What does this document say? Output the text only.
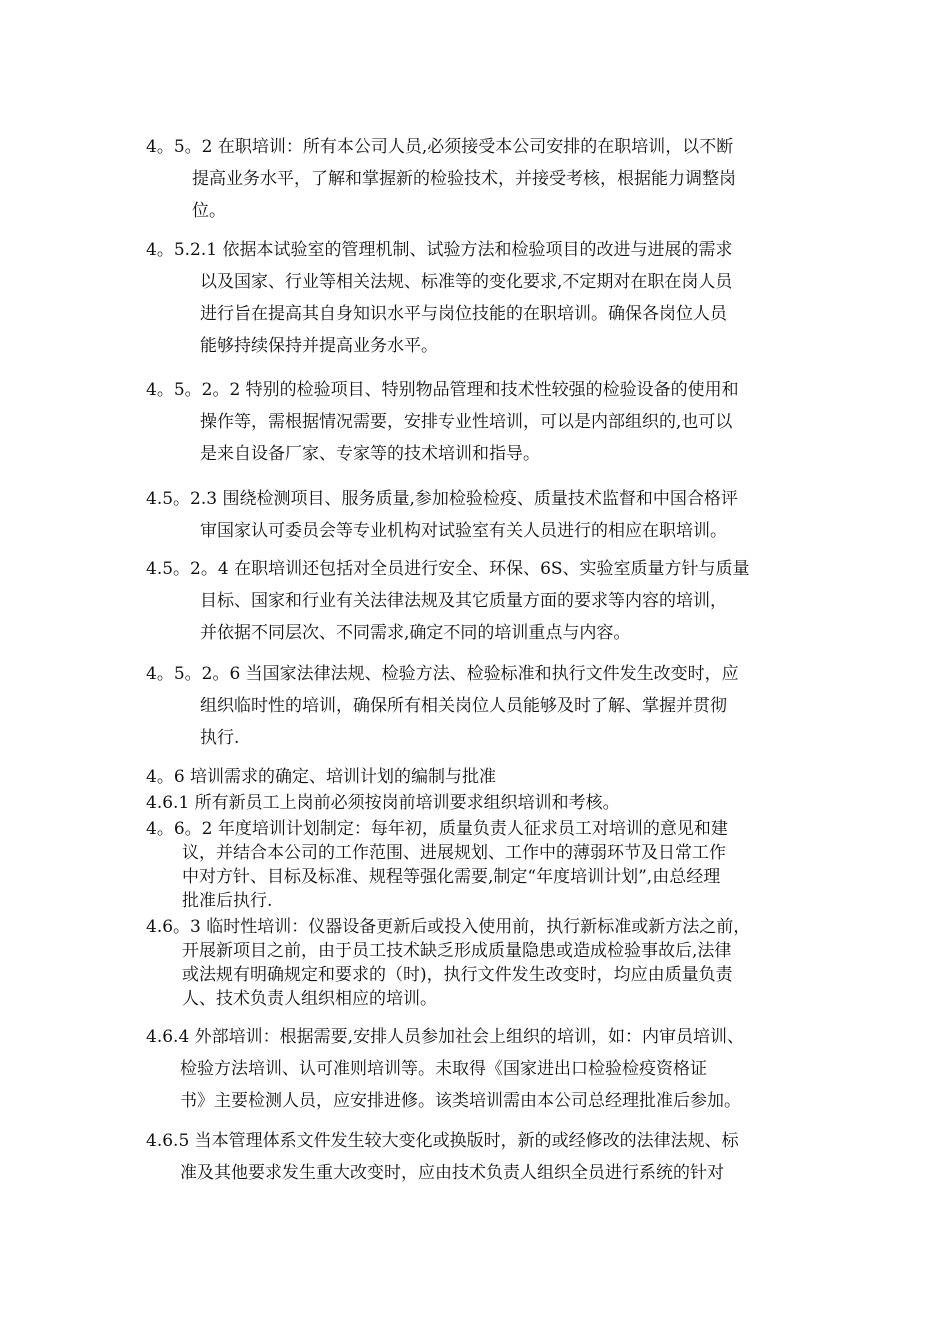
4。5。2 在职培训：所有本公司人员,必须接受本公司安排的在职培训，以不断
提高业务水平，了解和掌握新的检验技术，并接受考核，根据能力调整岗
位。
4。5.2.1 依据本试验室的管理机制、试验方法和检验项目的改进与进展的需求
以及国家、行业等相关法规、标准等的变化要求,不定期对在职在岗人员
进行旨在提高其自身知识水平与岗位技能的在职培训。确保各岗位人员
能够持续保持并提高业务水平。
4。5。2。2 特别的检验项目、特别物品管理和技术性较强的检验设备的使用和
操作等，需根据情况需要，安排专业性培训，可以是内部组织的,也可以
是来自设备厂家、专家等的技术培训和指导。
4.5。2.3 围绕检测项目、服务质量,参加检验检疫、质量技术监督和中国合格评
审国家认可委员会等专业机构对试验室有关人员进行的相应在职培训。
4.5。2。4 在职培训还包括对全员进行安全、环保、6S、实验室质量方针与质量
目标、国家和行业有关法律法规及其它质量方面的要求等内容的培训，
并依据不同层次、不同需求,确定不同的培训重点与内容。
4。5。2。6 当国家法律法规、检验方法、检验标准和执行文件发生改变时，应
组织临时性的培训，确保所有相关岗位人员能够及时了解、掌握并贯彻
执行.
4。6 培训需求的确定、培训计划的编制与批准
4.6.1 所有新员工上岗前必须按岗前培训要求组织培训和考核。
4。6。2 年度培训计划制定：每年初，质量负责人征求员工对培训的意见和建
议，并结合本公司的工作范围、进展规划、工作中的薄弱环节及日常工作
中对方针、目标及标准、规程等强化需要,制定“年度培训计划”,由总经理
批准后执行.
4.6。3 临时性培训：仪器设备更新后或投入使用前，执行新标准或新方法之前，
开展新项目之前，由于员工技术缺乏形成质量隐患或造成检验事故后,法律
或法规有明确规定和要求的（时)，执行文件发生改变时，均应由质量负责
人、技术负责人组织相应的培训。
4.6.4 外部培训：根据需要,安排人员参加社会上组织的培训，如：内审员培训、
检验方法培训、认可准则培训等。未取得《国家进出口检验检疫资格证
书》主要检测人员，应安排进修。该类培训需由本公司总经理批准后参加。
4.6.5 当本管理体系文件发生较大变化或换版时，新的或经修改的法律法规、标
准及其他要求发生重大改变时，应由技术负责人组织全员进行系统的针对
